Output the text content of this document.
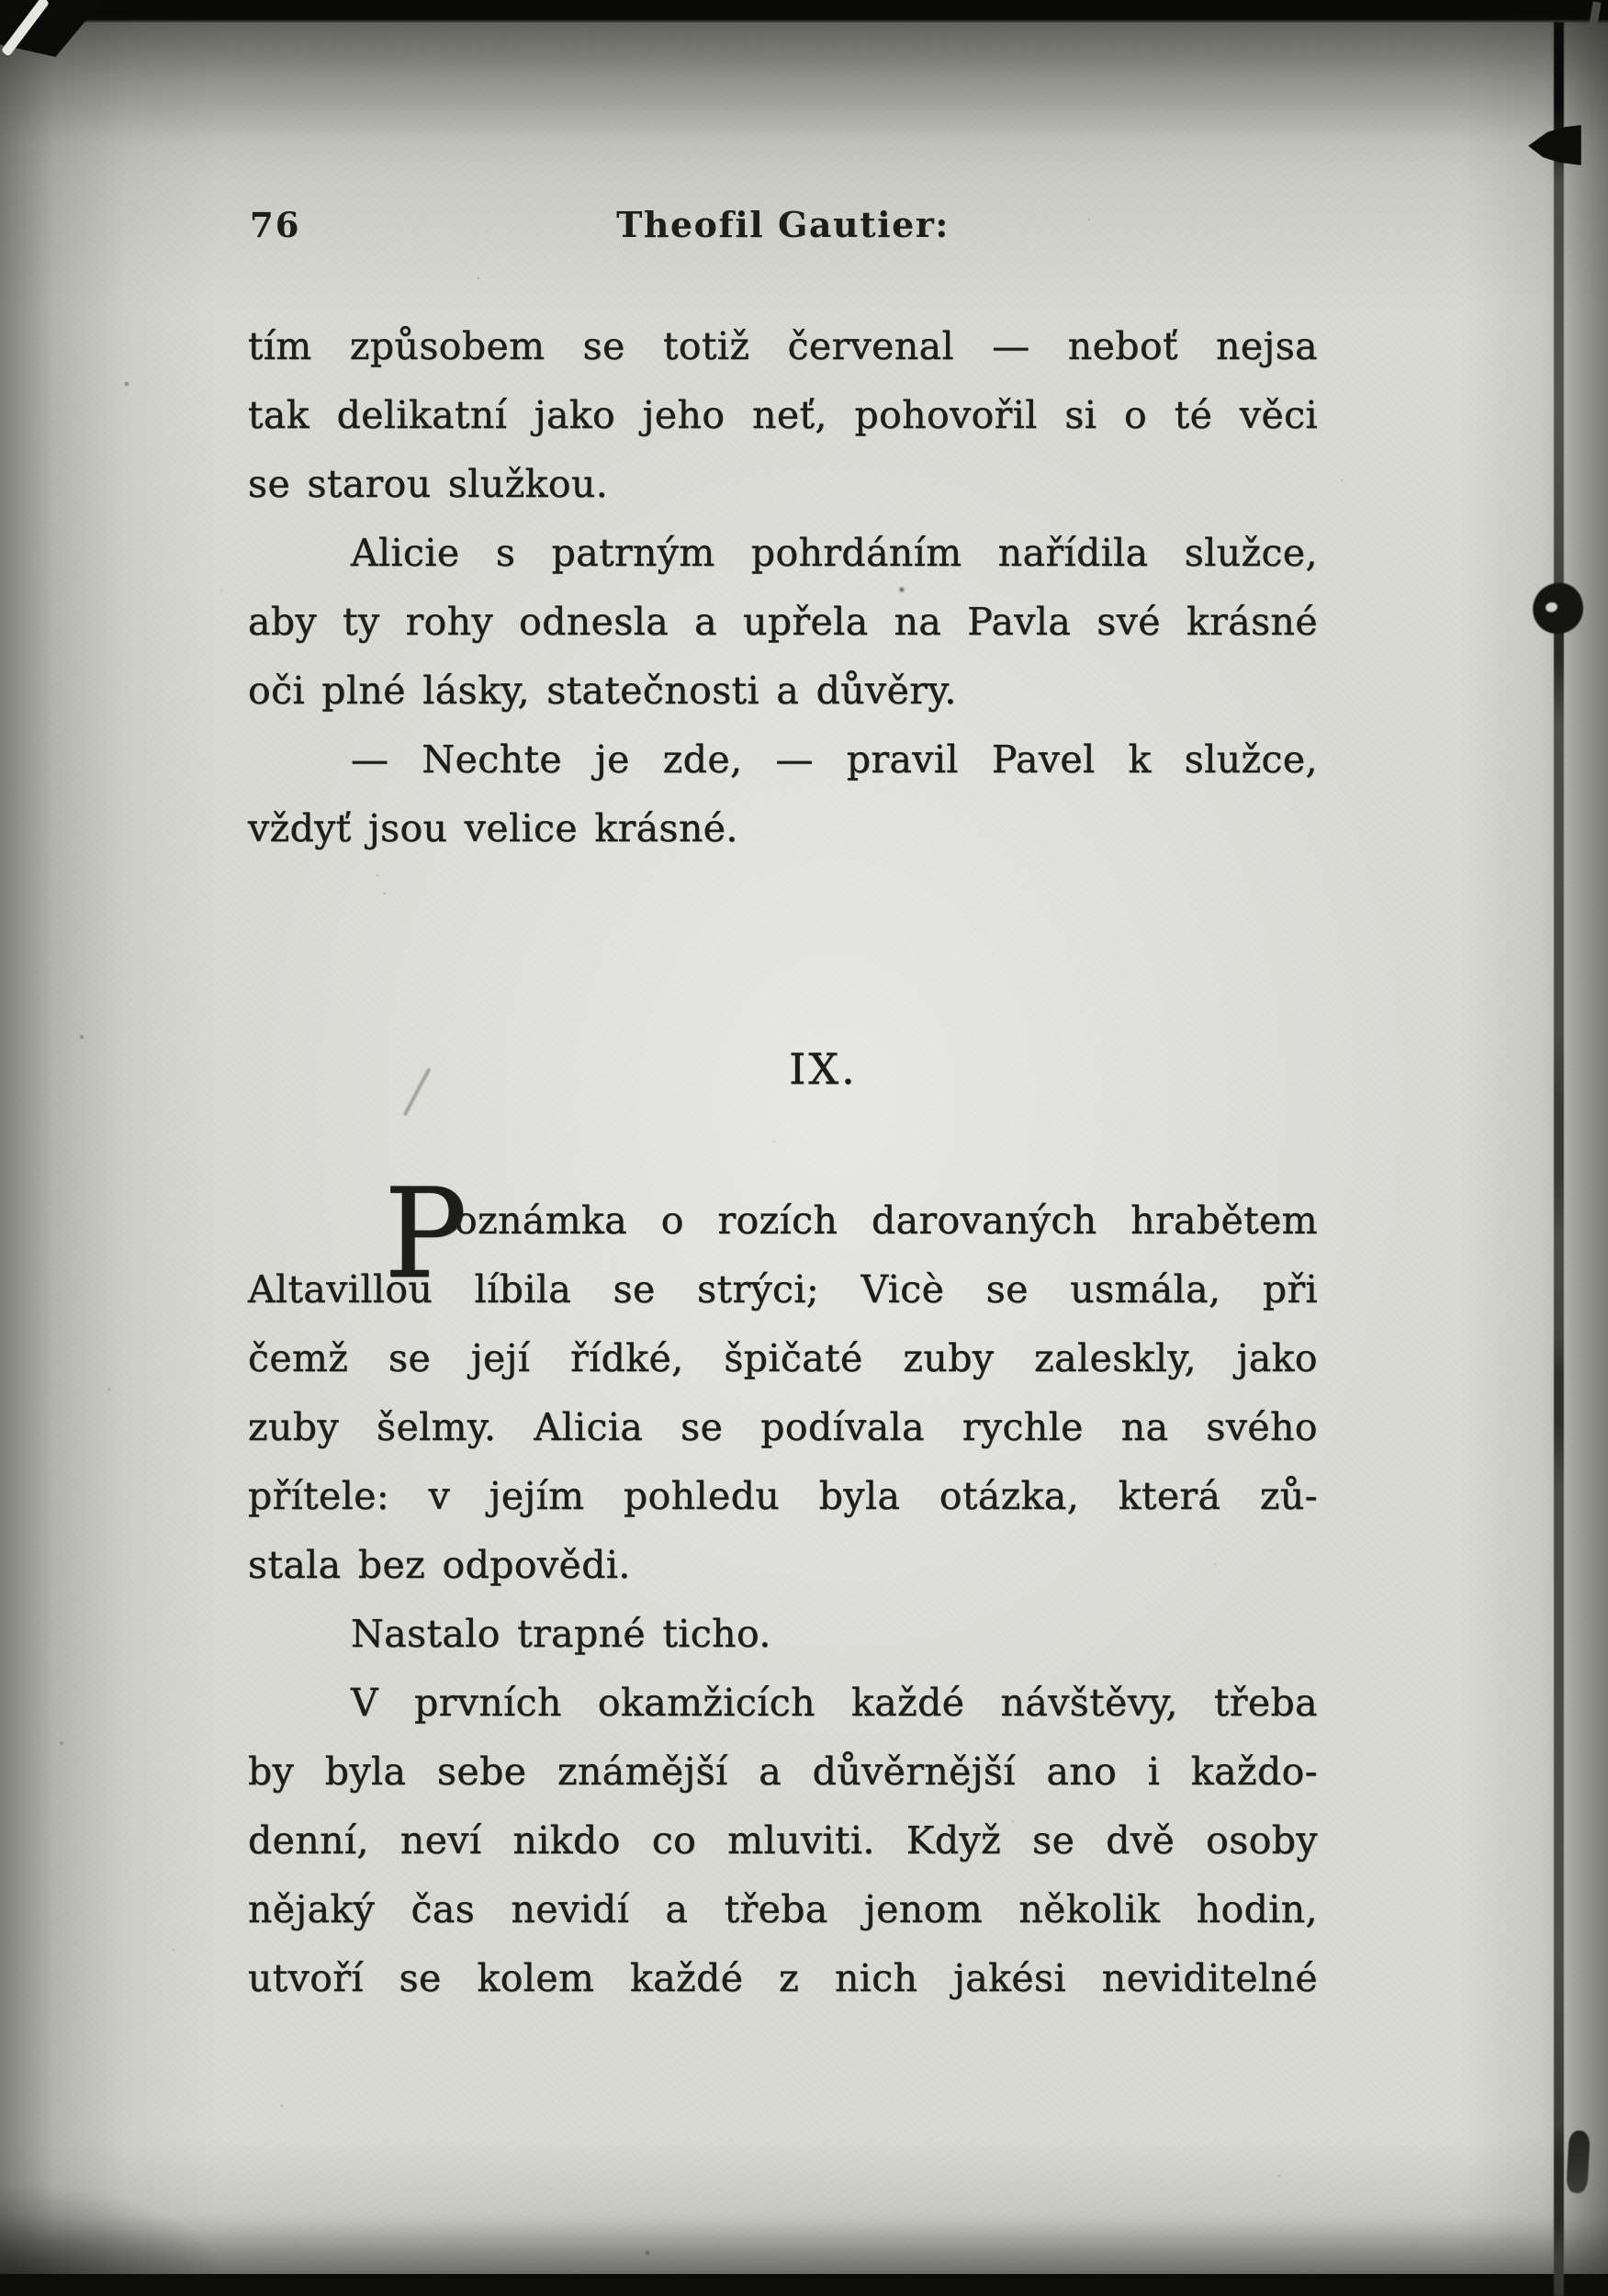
76	Theofil Gautier:
tím způsobem se totiž červenal — neboť nejsa
tak delikatní jako jeho neť, pohovořil si o té věci
se starou služkou.
Alicie s patrným pohrdáním nařídila služce,
aby ty rohy odnesla a upřela na Pavla své krásné
oči plné lásky, statečnosti a důvěry.
— Nechte je zde, — pravil Pavel k služce,
vždyť jsou velice krásné.
IX.
P
oznámka o rozích darovaných hrabětem
Altavillou líbila se strýci; Vicè se usmála, při
čemž se její řídké, špičaté zuby zaleskly, jako
zuby šelmy. Alicia se podívala rychle na svého
přítele: v jejím pohledu byla otázka, která zů-
stala bez odpovědi.
Nastalo trapné ticho.
V prvních okamžicích každé návštěvy, třeba
by byla sebe známější a důvěrnější ano i každo-
denní, neví nikdo co mluviti. Když se dvě osoby
nějaký čas nevidí a třeba jenom několik hodin,
utvoří se kolem každé z nich jakési neviditelné
